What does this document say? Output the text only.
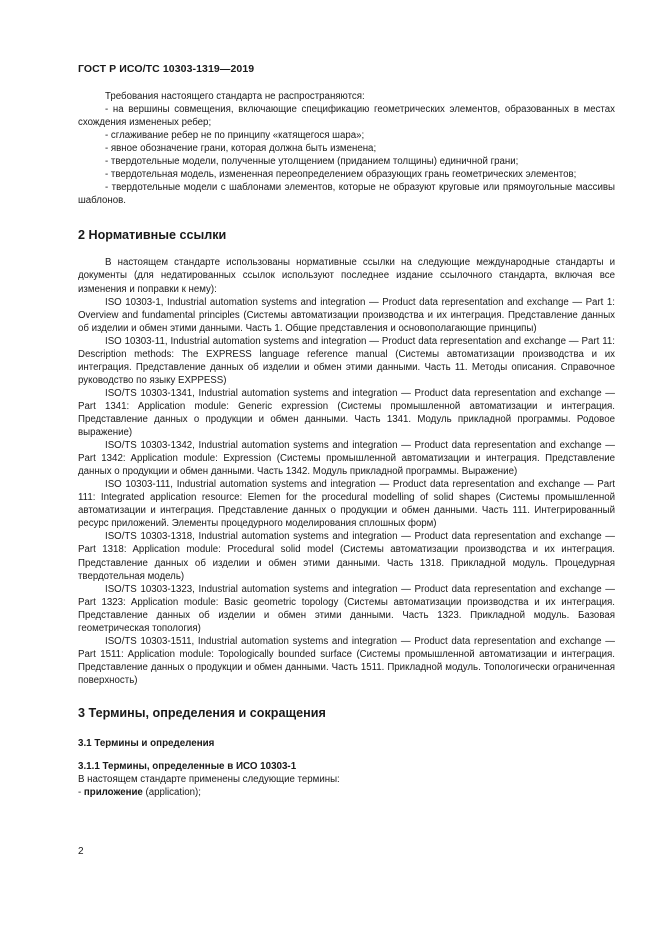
ГОСТ Р ИСО/ТС 10303-1319—2019

Требования настоящего стандарта не распространяются:

- на вершины совмещения, включающие спецификацию геометрических элементов, образованных в местах схождения измененых ребер;

- сглаживание ребер не по принципу «катящегося шара»;

- явное обозначение грани, которая должна быть изменена;

- твердотельные модели, полученные утолщением (приданием толщины) единичной грани;

- твердотельная модель, измененная переопределением образующих грань геометрических элементов;

- твердотельные модели с шаблонами элементов, которые не образуют круговые или прямоугольные массивы шаблонов.

2 Нормативные ссылки

В настоящем стандарте использованы нормативные ссылки на следующие международные стандарты и документы (для недатированных ссылок используют последнее издание ссылочного стандарта, включая все изменения и поправки к нему):

ISO 10303-1, Industrial automation systems and integration — Product data representation and exchange — Part 1: Overview and fundamental principles (Системы автоматизации производства и их интеграция. Представление данных об изделии и обмен этими данными. Часть 1. Общие представления и основополагающие принципы)

ISO 10303-11, Industrial automation systems and integration — Product data representation and exchange — Part 11: Description methods: The EXPRESS language reference manual (Системы автоматизации производства и их интеграция. Представление данных об изделии и обмен этими данными. Часть 11. Методы описания. Справочное руководство по языку EXPPESS)

ISO/TS 10303-1341, Industrial automation systems and integration — Product data representation and exchange — Part 1341: Application module: Generic expression (Системы промышленной автоматизации и интеграция. Представление данных о продукции и обмен данными. Часть 1341. Модуль прикладной программы. Родовое выражение)

ISO/TS 10303-1342, Industrial automation systems and integration — Product data representation and exchange — Part 1342: Application module: Expression (Системы промышленной автоматизации и интеграция. Представление данных о продукции и обмен данными. Часть 1342. Модуль прикладной программы. Выражение)

ISO 10303-111, Industrial automation systems and integration — Product data representation and exchange — Part 111: Integrated application resource: Elemen for the procedural modelling of solid shapes (Системы промышленной автоматизации и интеграция. Представление данных о продукции и обмен данными. Часть 111. Интегрированный ресурс приложений. Элементы процедурного моделирования сплошных форм)

ISO/TS 10303-1318, Industrial automation systems and integration — Product data representation and exchange — Part 1318: Application module: Procedural solid model (Системы автоматизации производства и их интеграция. Представление данных об изделии и обмен этими данными. Часть 1318. Прикладной модуль. Процедурная твердотельная модель)

ISO/TS 10303-1323, Industrial automation systems and integration — Product data representation and exchange — Part 1323: Application module: Basic geometric topology (Системы автоматизации производства и их интеграция. Представление данных об изделии и обмен этими данными. Часть 1323. Прикладной модуль. Базовая геометрическая топология)

ISO/TS 10303-1511, Industrial automation systems and integration — Product data representation and exchange — Part 1511: Application module: Topologically bounded surface (Системы промышленной автоматизации и интеграция. Представление данных о продукции и обмен данными. Часть 1511. Прикладной модуль. Топологически ограниченная поверхность)

3 Термины, определения и сокращения
3.1 Термины и определения
3.1.1 Термины, определенные в ИСО 10303-1

В настоящем стандарте применены следующие термины:

- приложение (application);

2
